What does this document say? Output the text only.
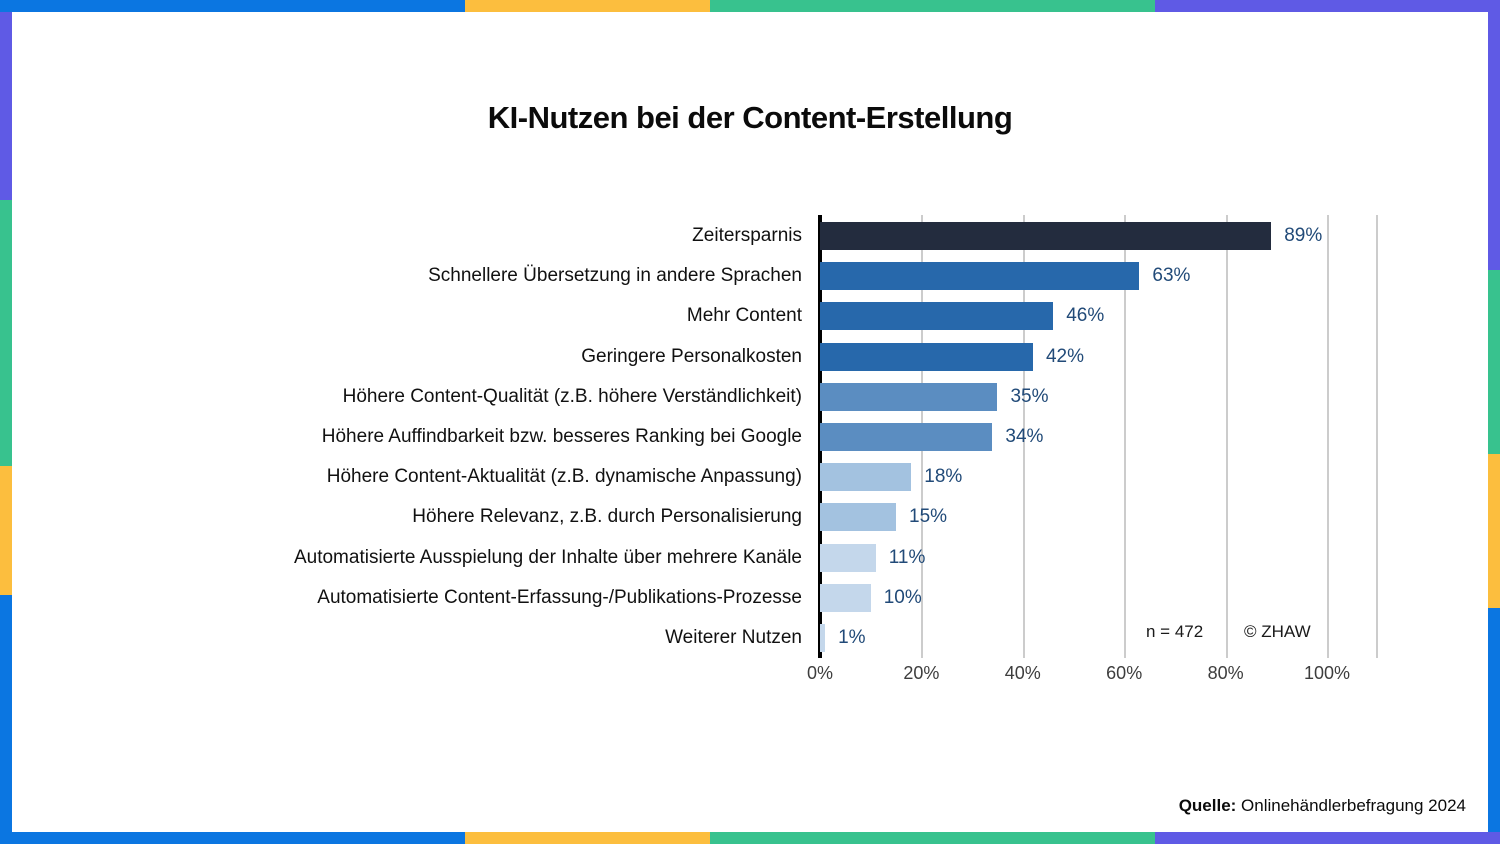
KI-Nutzen bei der Content-Erstellung
Zeitersparnis
Schnellere Übersetzung in andere Sprachen
Mehr Content
Geringere Personalkosten
Höhere Content-Qualität (z.B. höhere Verständlichkeit)
Höhere Auffindbarkeit bzw. besseres Ranking bei Google
Höhere Content-Aktualität (z.B. dynamische Anpassung)
Höhere Relevanz, z.B. durch Personalisierung
Automatisierte Ausspielung der Inhalte über mehrere Kanäle
Automatisierte Content-Erfassung-/Publikations-Prozesse
Weiterer Nutzen
89%
63%
46%
42%
35%
34%
18%
15%
11%
10%
1%
0%	20%	40%	60%	80%	100%
n = 472 © ZHAW
Quelle: Onlinehändlerbefragung 2024
